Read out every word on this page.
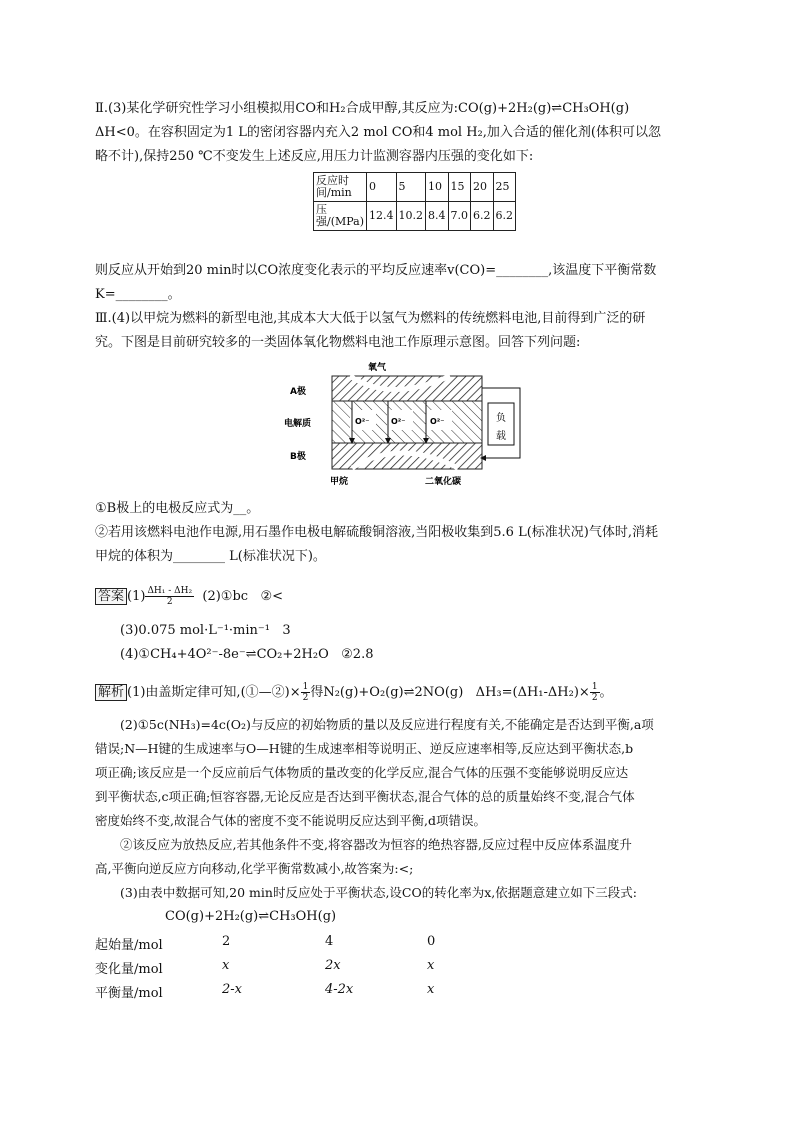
Ⅱ.(3)某化学研究性学习小组模拟用CO和H₂合成甲醇,其反应为:CO(g)+2H₂(g)⇌CH₃OH(g)
ΔH<0。在容积固定为1 L的密闭容器内充入2 mol CO和4 mol H₂,加入合适的催化剂(体积可以忽
略不计),保持250 ℃不变发生上述反应,用压力计监测容器内压强的变化如下:
反应时间/min	0	5	10	15	20	25
压强/(MPa)	12.4	10.2	8.4	7.0	6.2	6.2
则反应从开始到20 min时以CO浓度变化表示的平均反应速率v(CO)=________,该温度下平衡常数
K=________。
Ⅲ.(4)以甲烷为燃料的新型电池,其成本大大低于以氢气为燃料的传统燃料电池,目前得到广泛的研
究。下图是目前研究较多的一类固体氧化物燃料电池工作原理示意图。回答下列问题:
负
载
氧气
A极
电解质
B极
O²⁻	O²⁻	O²⁻
甲烷	二氧化碳
①B极上的电极反应式为__。
②若用该燃料电池作电源,用石墨作电极电解硫酸铜溶液,当阳极收集到5.6 L(标准状况)气体时,消耗
甲烷的体积为________ L(标准状况下)。
答案 $(1) \frac{\text{ΔH₁ - ΔH₂}}{2}$ (2)①bc   ②<
(3)0.075 mol·L⁻¹·min⁻¹   3
(4)①CH₄+4O²⁻-8e⁻⇌CO₂+2H₂O   ②2.8
解析 (1)由盖斯定律可知,(①—②)× $\frac{1}{2}$ 得N₂(g)+O₂(g)⇌2NO(g)   $\Delta H_3=(\Delta H_1-\Delta H_2)\times \frac{1}{2}$ 。
(2)①5c(NH₃)=4c(O₂)与反应的初始物质的量以及反应进行程度有关,不能确定是否达到平衡,a项
错误;N—H键的生成速率与O—H键的生成速率相等说明正、逆反应速率相等,反应达到平衡状态,b
项正确;该反应是一个反应前后气体物质的量改变的化学反应,混合气体的压强不变能够说明反应达
到平衡状态,c项正确;恒容容器,无论反应是否达到平衡状态,混合气体的总的质量始终不变,混合气体
密度始终不变,故混合气体的密度不变不能说明反应达到平衡,d项错误。
②该反应为放热反应,若其他条件不变,将容器改为恒容的绝热容器,反应过程中反应体系温度升
高,平衡向逆反应方向移动,化学平衡常数减小,故答案为:<;
(3)由表中数据可知,20 min时反应处于平衡状态,设CO的转化率为x,依据题意建立如下三段式:
CO(g)+2H₂(g)⇌CH₃OH(g)
起始量/mol	2	4	0
变化量/mol	x	2x	x
平衡量/mol	2-x	4-2x	x
